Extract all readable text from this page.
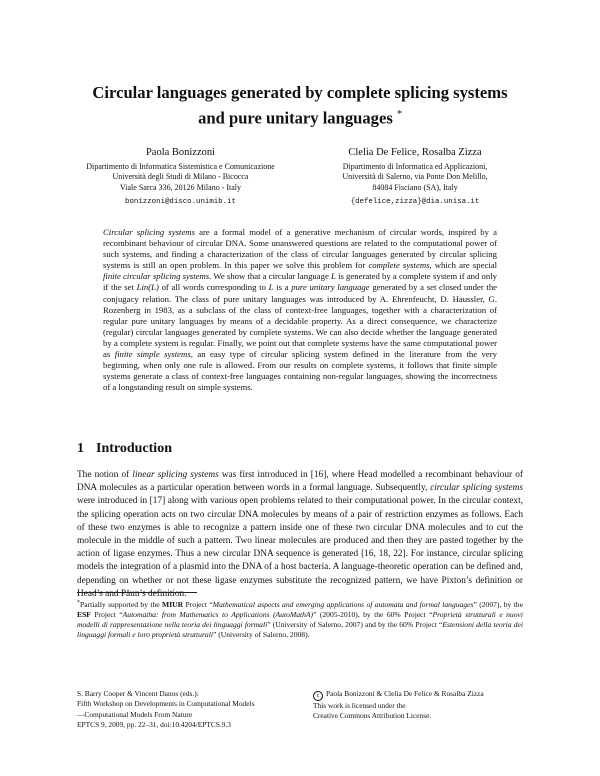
Circular languages generated by complete splicing systems
and pure unitary languages *
Paola Bonizzoni
Dipartimento di Informatica Sistemistica e Comunicazione
Università degli Studi di Milano - Bicocca
Viale Sarca 336, 20126 Milano - Italy
bonizzoni@disco.unimib.it
Clelia De Felice, Rosalba Zizza
Dipartimento di Informatica ed Applicazioni,
Università di Salerno, via Ponte Don Melillo,
84084 Fisciano (SA), Italy
{defelice,zizza}@dia.unisa.it
Circular splicing systems are a formal model of a generative mechanism of circular words, inspired by a recombinant behaviour of circular DNA. Some unanswered questions are related to the computational power of such systems, and finding a characterization of the class of circular languages generated by circular splicing systems is still an open problem. In this paper we solve this problem for complete systems, which are special finite circular splicing systems. We show that a circular language L is generated by a complete system if and only if the set Lin(L) of all words corresponding to L is a pure unitary language generated by a set closed under the conjugacy relation. The class of pure unitary languages was introduced by A. Ehrenfeucht, D. Haussler, G. Rozenberg in 1983, as a subclass of the class of context-free languages, together with a characterization of regular pure unitary languages by means of a decidable property. As a direct consequence, we characterize (regular) circular languages generated by complete systems. We can also decide whether the language generated by a complete system is regular. Finally, we point out that complete systems have the same computational power as finite simple systems, an easy type of circular splicing system defined in the literature from the very beginning, when only one rule is allowed. From our results on complete systems, it follows that finite simple systems generate a class of context-free languages containing non-regular languages, showing the incorrectness of a longstanding result on simple systems.
1 Introduction
The notion of linear splicing systems was first introduced in [16], where Head modelled a recombinant behaviour of DNA molecules as a particular operation between words in a formal language. Subsequently, circular splicing systems were introduced in [17] along with various open problems related to their computational power. In the circular context, the splicing operation acts on two circular DNA molecules by means of a pair of restriction enzymes as follows. Each of these two enzymes is able to recognize a pattern inside one of these two circular DNA molecules and to cut the molecule in the middle of such a pattern. Two linear molecules are produced and then they are pasted together by the action of ligase enzymes. Thus a new circular DNA sequence is generated [16, 18, 22]. For instance, circular splicing models the integration of a plasmid into the DNA of a host bacteria. A language-theoretic operation can be defined and, depending on whether or not these ligase enzymes substitute the recognized pattern, we have Pixton’s definition or Head’s and Păun’s definition.
*Partially supported by the MIUR Project “Mathematical aspects and emerging applications of automata and formal languages” (2007), by the ESF Project “Automatha: from Mathematics to Applications (AutoMathA)” (2005-2010), by the 60% Project “Proprietà strutturali e nuovi modelli di rappresentazione nella teoria dei linguaggi formali” (University of Salerno, 2007) and by the 60% Project “Estensioni della teoria dei linguaggi formali e loro proprietà strutturali” (University of Salerno, 2008).
S. Barry Cooper & Vincent Danos (eds.):
Fifth Workshop on Developments in Computational Models
—Computational Models From Nature
EPTCS 9, 2009, pp. 22–31, doi:10.4204/EPTCS.9.3
c Paola Bonizzoni & Clelia De Felice & Rosalba Zizza
This work is licensed under the
Creative Commons Attribution License.
